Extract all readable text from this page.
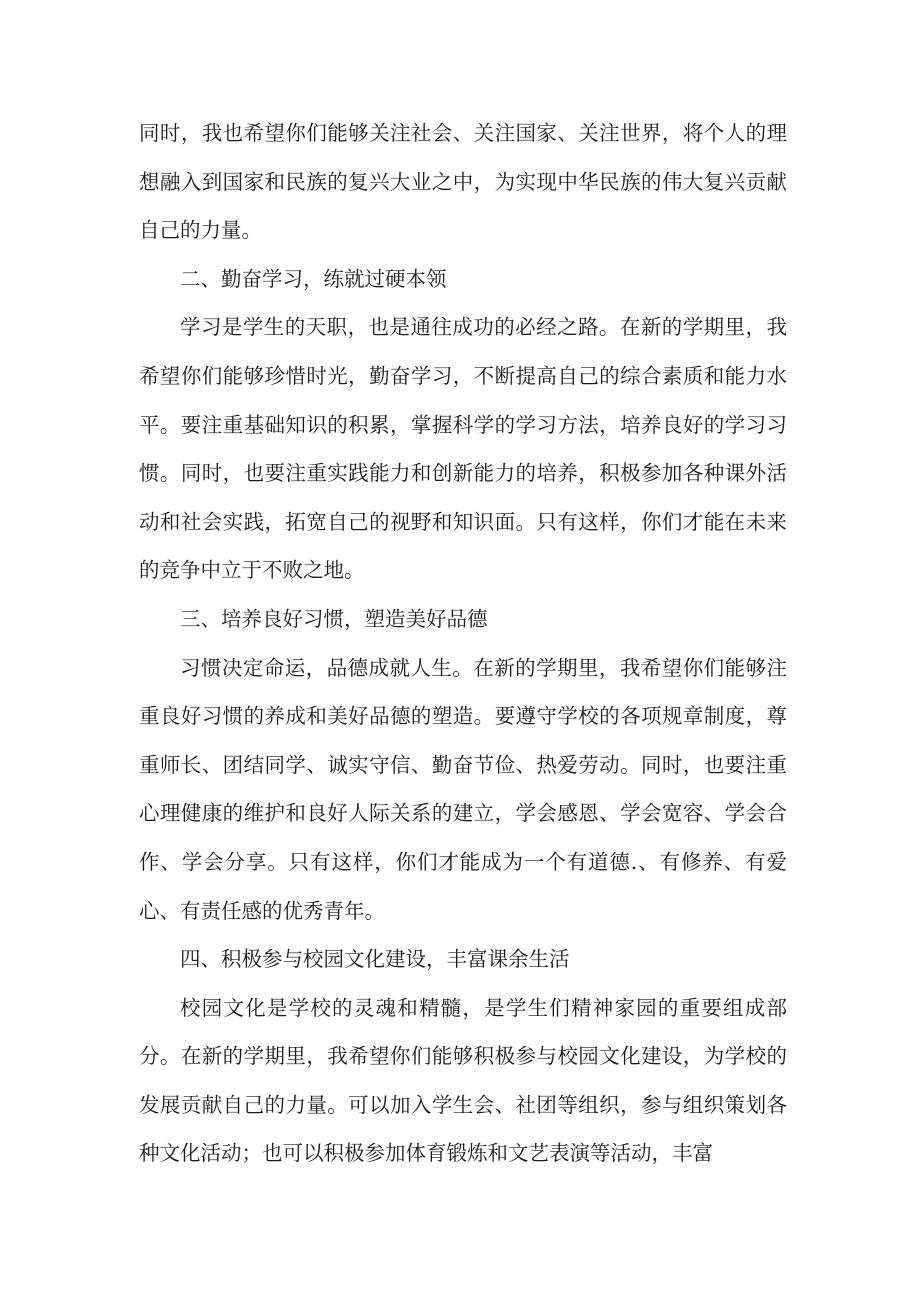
同时，我也希望你们能够关注社会、关注国家、关注世界，将个人的理想融入到国家和民族的复兴大业之中，为实现中华民族的伟大复兴贡献自己的力量。

二、勤奋学习，练就过硬本领

学习是学生的天职，也是通往成功的必经之路。在新的学期里，我希望你们能够珍惜时光，勤奋学习，不断提高自己的综合素质和能力水平。要注重基础知识的积累，掌握科学的学习方法，培养良好的学习习惯。同时，也要注重实践能力和创新能力的培养，积极参加各种课外活动和社会实践，拓宽自己的视野和知识面。只有这样，你们才能在未来的竞争中立于不败之地。

三、培养良好习惯，塑造美好品德

习惯决定命运，品德成就人生。在新的学期里，我希望你们能够注重良好习惯的养成和美好品德的塑造。要遵守学校的各项规章制度，尊重师长、团结同学、诚实守信、勤奋节俭、热爱劳动。同时，也要注重心理健康的维护和良好人际关系的建立，学会感恩、学会宽容、学会合作、学会分享。只有这样，你们才能成为一个有道德.、有修养、有爱心、有责任感的优秀青年。

四、积极参与校园文化建设，丰富课余生活

校园文化是学校的灵魂和精髓，是学生们精神家园的重要组成部分。在新的学期里，我希望你们能够积极参与校园文化建设，为学校的发展贡献自己的力量。可以加入学生会、社团等组织，参与组织策划各种文化活动；也可以积极参加体育锻炼和文艺表演等活动，丰富
